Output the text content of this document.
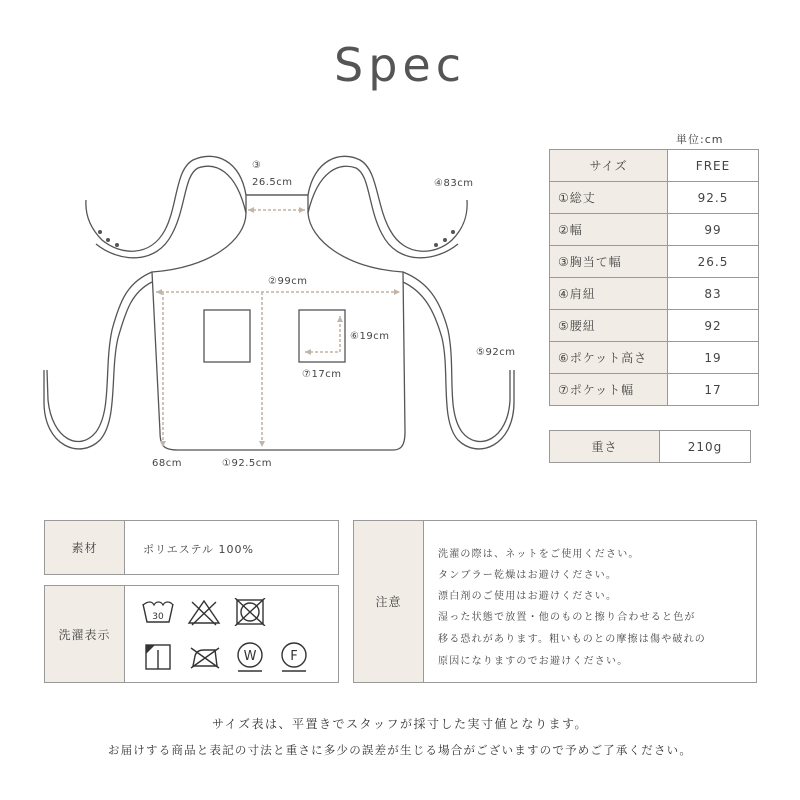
Spec
③
26.5cm	④83cm
②99cm
⑥19cm
⑦17cm
⑤92cm
68cm	①92.5cm
単位:cm
サイズ	FREE
①総丈	92.5
②幅	99
③胸当て幅	26.5
④肩紐	83
⑤腰紐	92
⑥ポケット高さ	19
⑦ポケット幅	17
重さ	210g
素材	ポリエステル 100%
洗濯表示
30
W	F
注意
洗濯の際は、ネットをご使用ください。
タンブラー乾燥はお避けください。
漂白剤のご使用はお避けください。
湿った状態で放置・他のものと擦り合わせると色が
移る恐れがあります。粗いものとの摩擦は傷や破れの
原因になりますのでお避けください。
サイズ表は、平置きでスタッフが採寸した実寸値となります。
お届けする商品と表記の寸法と重さに多少の誤差が生じる場合がございますので予めご了承ください。
